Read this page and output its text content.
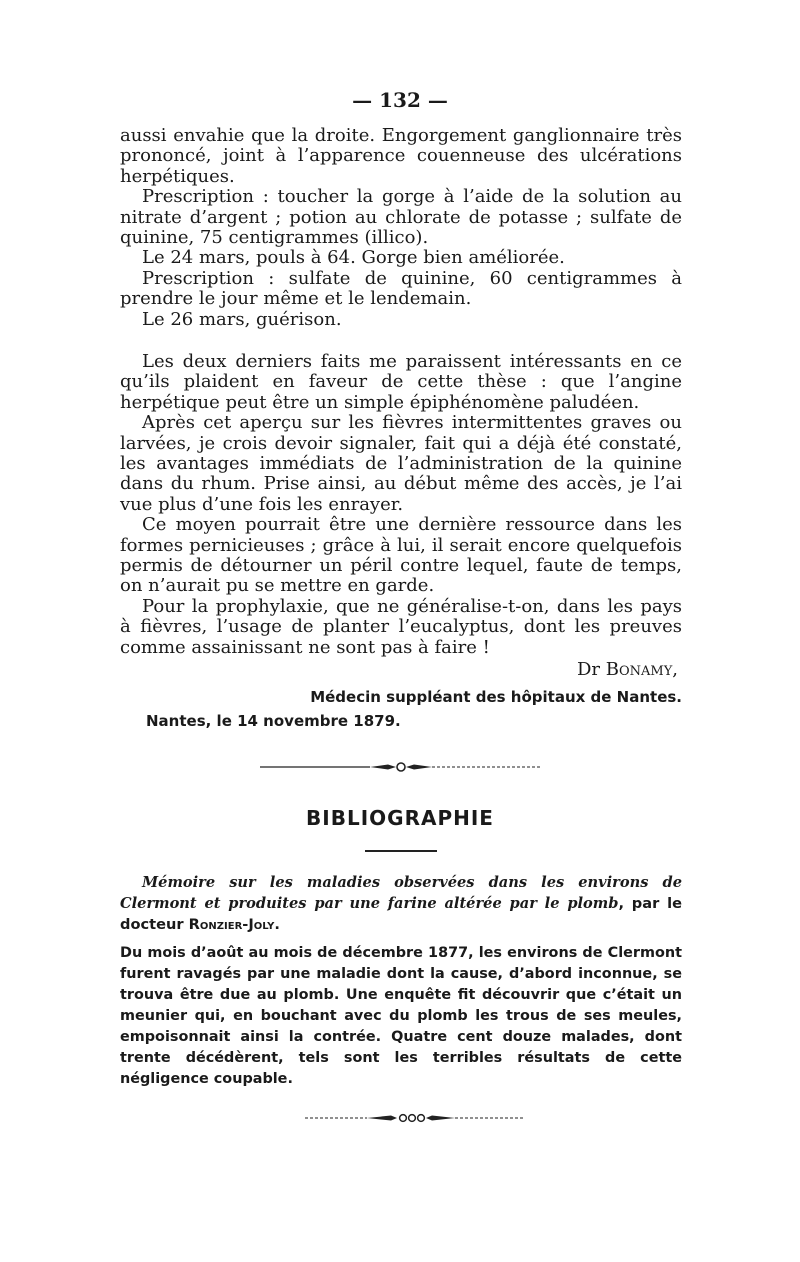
— 132 —

aussi envahie que la droite. Engorgement ganglionnaire très prononcé, joint à l’apparence couenneuse des ulcérations herpétiques.

Prescription : toucher la gorge à l’aide de la solution au nitrate d’argent ; potion au chlorate de potasse ; sulfate de quinine, 75 centigrammes (illico).

Le 24 mars, pouls à 64. Gorge bien améliorée.

Prescription : sulfate de quinine, 60 centigrammes à prendre le jour même et le lendemain.

Le 26 mars, guérison.

Les deux derniers faits me paraissent intéressants en ce qu’ils plaident en faveur de cette thèse : que l’angine herpétique peut être un simple épiphénomène paludéen.

Après cet aperçu sur les fièvres intermittentes graves ou larvées, je crois devoir signaler, fait qui a déjà été constaté, les avantages immédiats de l’administration de la quinine dans du rhum. Prise ainsi, au début même des accès, je l’ai vue plus d’une fois les enrayer.

Ce moyen pourrait être une dernière ressource dans les formes pernicieuses ; grâce à lui, il serait encore quelquefois permis de détourner un péril contre lequel, faute de temps, on n’aurait pu se mettre en garde.

Pour la prophylaxie, que ne généralise-t-on, dans les pays à fièvres, l’usage de planter l’eucalyptus, dont les preuves comme assainissant ne sont pas à faire !

Dr Bonamy,

Médecin suppléant des hôpitaux de Nantes.

Nantes, le 14 novembre 1879.

BIBLIOGRAPHIE

Mémoire sur les maladies observées dans les environs de Clermont et produites par une farine altérée par le plomb, par le docteur Ronzier-Joly.

Du mois d’août au mois de décembre 1877, les environs de Clermont furent ravagés par une maladie dont la cause, d’abord inconnue, se trouva être due au plomb. Une enquête fit découvrir que c’était un meunier qui, en bouchant avec du plomb les trous de ses meules, empoisonnait ainsi la contrée. Quatre cent douze malades, dont trente décédèrent, tels sont les terribles résultats de cette négligence coupable.
